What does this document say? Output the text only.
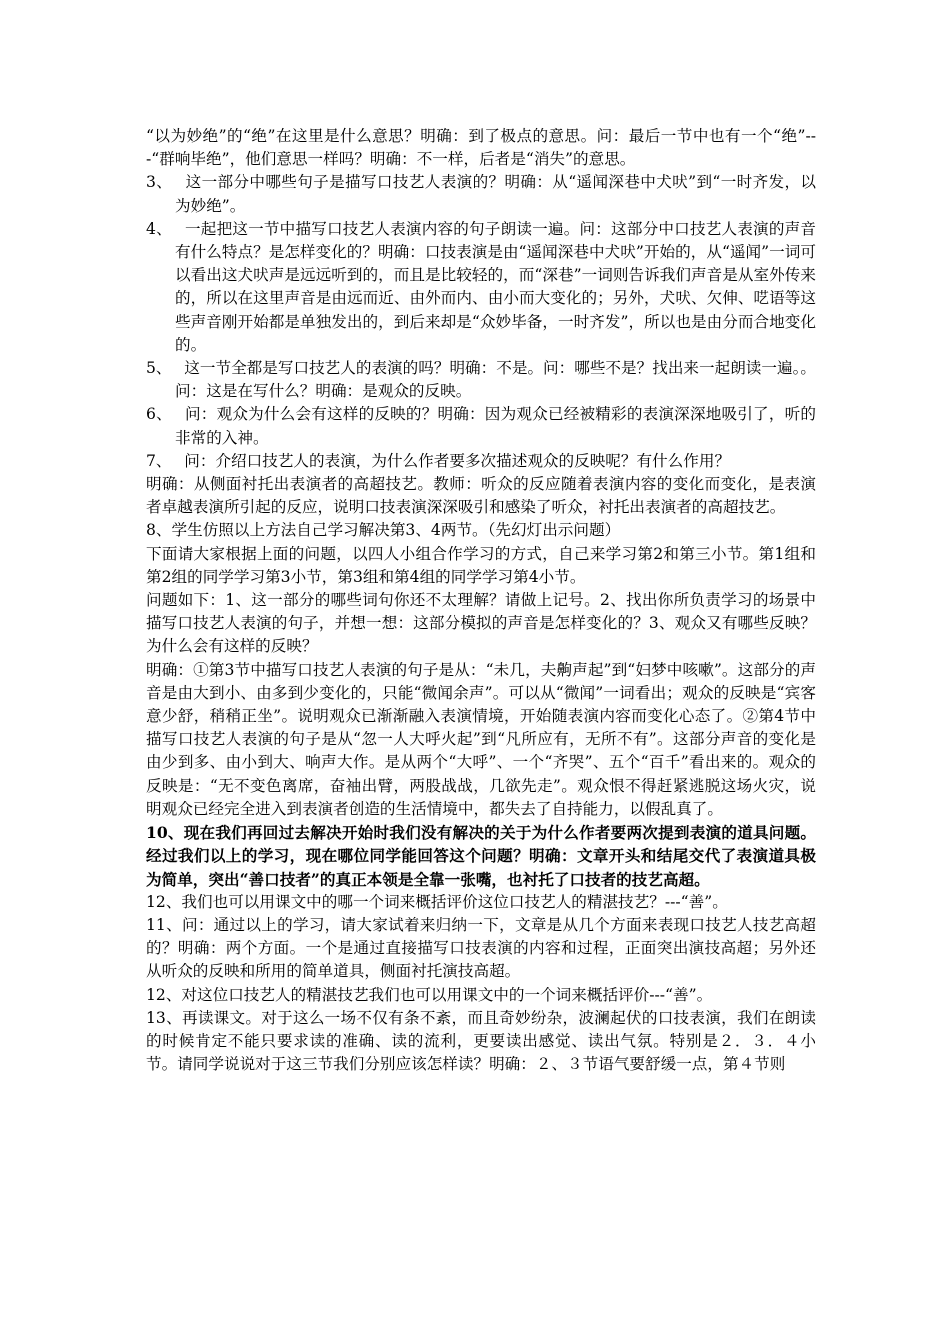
“以为妙绝”的“绝”在这里是什么意思？明确：到了极点的意思。问：最后一节中也有一个“绝”---“群响毕绝”，他们意思一样吗？明确：不一样，后者是“消失”的意思。

3、　 这一部分中哪些句子是描写口技艺人表演的？明确：从“遥闻深巷中犬吠”到“一时齐发，以为妙绝”。

4、　 一起把这一节中描写口技艺人表演内容的句子朗读一遍。问：这部分中口技艺人表演的声音有什么特点？是怎样变化的？明确：口技表演是由“遥闻深巷中犬吠”开始的，从“遥闻”一词可以看出这犬吠声是远远听到的，而且是比较轻的，而“深巷”一词则告诉我们声音是从室外传来的，所以在这里声音是由远而近、由外而内、由小而大变化的；另外，犬吠、欠伸、呓语等这些声音刚开始都是单独发出的，到后来却是“众妙毕备，一时齐发”，所以也是由分而合地变化的。

5、　 这一节全都是写口技艺人的表演的吗？明确：不是。问：哪些不是？找出来一起朗读一遍。。问：这是在写什么？明确：是观众的反映。

6、　 问：观众为什么会有这样的反映的？明确：因为观众已经被精彩的表演深深地吸引了，听的非常的入神。

7、　 问：介绍口技艺人的表演，为什么作者要多次描述观众的反映呢？有什么作用？

明确：从侧面衬托出表演者的高超技艺。教师：听众的反应随着表演内容的变化而变化，是表演者卓越表演所引起的反应，说明口技表演深深吸引和感染了听众，衬托出表演者的高超技艺。

8、学生仿照以上方法自己学习解决第3、4两节。（先幻灯出示问题）

下面请大家根据上面的问题，以四人小组合作学习的方式，自己来学习第2和第三小节。第1组和第2组的同学学习第3小节，第3组和第4组的同学学习第4小节。

问题如下：1、这一部分的哪些词句你还不太理解？请做上记号。2、找出你所负责学习的场景中描写口技艺人表演的句子，并想一想：这部分模拟的声音是怎样变化的？3、观众又有哪些反映？为什么会有这样的反映？

明确：①第3节中描写口技艺人表演的句子是从：“未几，夫齁声起”到“妇梦中咳嗽”。这部分的声音是由大到小、由多到少变化的，只能“微闻余声”。可以从“微闻”一词看出；观众的反映是“宾客意少舒，稍稍正坐”。说明观众已渐渐融入表演情境，开始随表演内容而变化心态了。②第4节中描写口技艺人表演的句子是从“忽一人大呼火起”到“凡所应有，无所不有”。这部分声音的变化是由少到多、由小到大、响声大作。是从两个“大呼”、一个“齐哭”、五个“百千”看出来的。观众的反映是：“无不变色离席，奋袖出臂，两股战战，几欲先走”。观众恨不得赶紧逃脱这场火灾，说明观众已经完全进入到表演者创造的生活情境中，都失去了自持能力，以假乱真了。

10、现在我们再回过去解决开始时我们没有解决的关于为什么作者要两次提到表演的道具问题。经过我们以上的学习，现在哪位同学能回答这个问题？明确：文章开头和结尾交代了表演道具极为简单，突出“善口技者”的真正本领是全靠一张嘴，也衬托了口技者的技艺高超。

12、我们也可以用课文中的哪一个词来概括评价这位口技艺人的精湛技艺？---“善”。

11、问：通过以上的学习，请大家试着来归纳一下，文章是从几个方面来表现口技艺人技艺高超的？明确：两个方面。一个是通过直接描写口技表演的内容和过程，正面突出演技高超；另外还从听众的反映和所用的简单道具，侧面衬托演技高超。

12、对这位口技艺人的精湛技艺我们也可以用课文中的一个词来概括评价---“善”。

13、再读课文。对于这么一场不仅有条不紊，而且奇妙纷杂，波澜起伏的口技表演，我们在朗读的时候肯定不能只要求读的准确、读的流利，更要读出感觉、读出气氛。特别是２．３．４小节。请同学说说对于这三节我们分别应该怎样读？明确：２、３节语气要舒缓一点，第４节则
